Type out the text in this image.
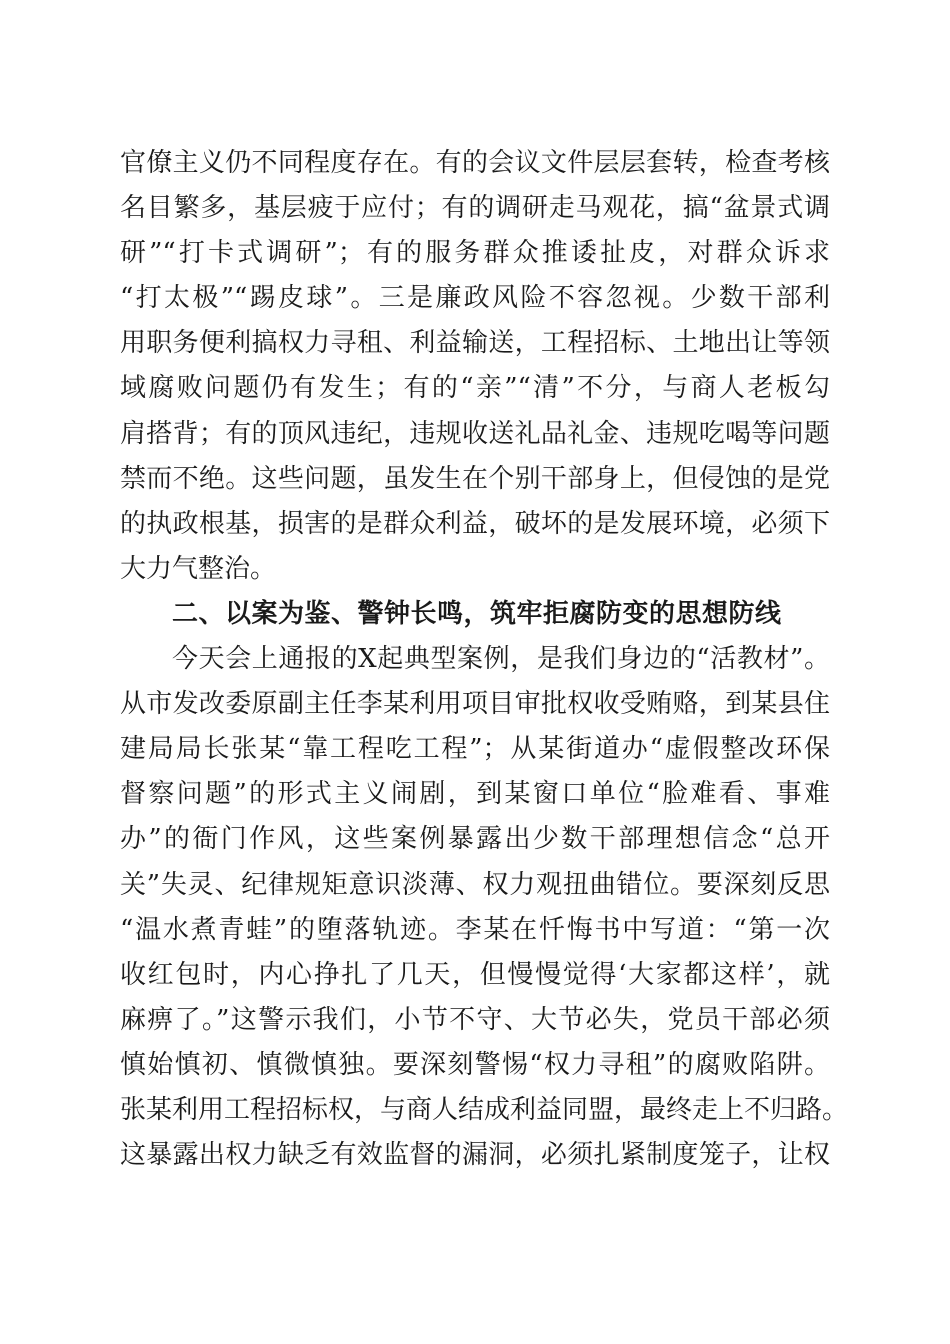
官僚主义仍不同程度存在。有的会议文件层层套转，检查考核
名目繁多，基层疲于应付；有的调研走马观花，搞“盆景式调
研”“打卡式调研”；有的服务群众推诿扯皮，对群众诉求
“打太极”“踢皮球”。三是廉政风险不容忽视。少数干部利
用职务便利搞权力寻租、利益输送，工程招标、土地出让等领
域腐败问题仍有发生；有的“亲”“清”不分，与商人老板勾
肩搭背；有的顶风违纪，违规收送礼品礼金、违规吃喝等问题
禁而不绝。这些问题，虽发生在个别干部身上，但侵蚀的是党
的执政根基，损害的是群众利益，破坏的是发展环境，必须下
大力气整治。
二、以案为鉴、警钟长鸣，筑牢拒腐防变的思想防线
今天会上通报的X起典型案例，是我们身边的“活教材”。
从市发改委原副主任李某利用项目审批权收受贿赂，到某县住
建局局长张某“靠工程吃工程”；从某街道办“虚假整改环保
督察问题”的形式主义闹剧，到某窗口单位“脸难看、事难
办”的衙门作风，这些案例暴露出少数干部理想信念“总开
关”失灵、纪律规矩意识淡薄、权力观扭曲错位。要深刻反思
“温水煮青蛙”的堕落轨迹。李某在忏悔书中写道：“第一次
收红包时，内心挣扎了几天，但慢慢觉得‘大家都这样’，就
麻痹了。”这警示我们，小节不守、大节必失，党员干部必须
慎始慎初、慎微慎独。要深刻警惕“权力寻租”的腐败陷阱。
张某利用工程招标权，与商人结成利益同盟，最终走上不归路。
这暴露出权力缺乏有效监督的漏洞，必须扎紧制度笼子，让权
